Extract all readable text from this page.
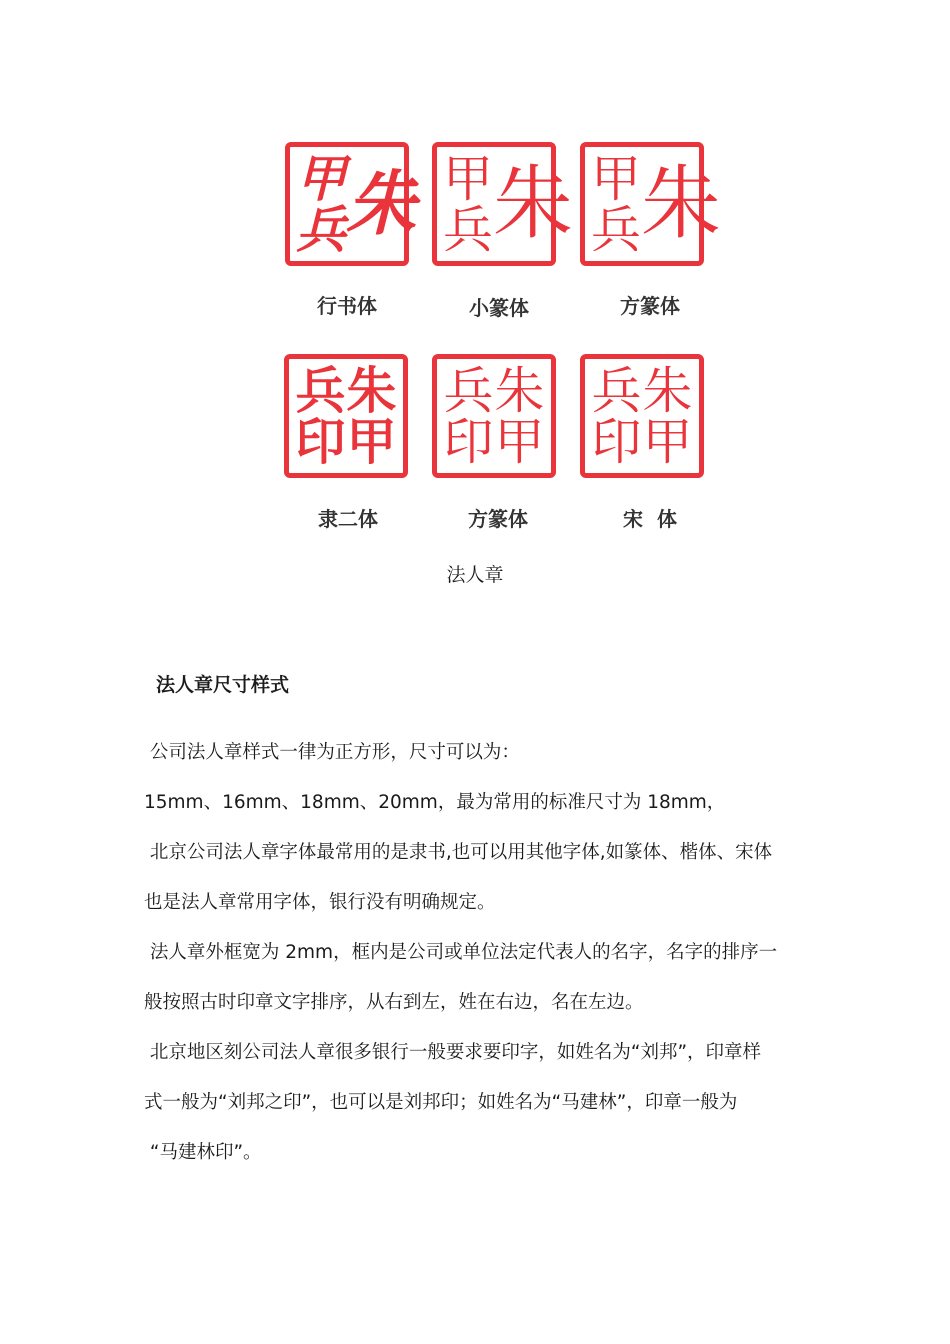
甲
兵 朱
行书体
甲
兵 朱
小篆体
甲
兵 朱
方篆体
兵
印
朱
甲
隶二体
兵
印
朱
甲
方篆体
兵
印
朱
甲
宋  体
法人章
法人章尺寸样式
公司法人章样式一律为正方形，尺寸可以为：
15mm、16mm、18mm、20mm，最为常用的标准尺寸为 18mm，
北京公司法人章字体最常用的是隶书,也可以用其他字体,如篆体、楷体、宋体
也是法人章常用字体，银行没有明确规定。
法人章外框宽为 2mm，框内是公司或单位法定代表人的名字，名字的排序一
般按照古时印章文字排序，从右到左，姓在右边，名在左边。
北京地区刻公司法人章很多银行一般要求要印字，如姓名为“刘邦”，印章样
式一般为“刘邦之印”，也可以是刘邦印；如姓名为“马建林”，印章一般为
“马建林印”。
